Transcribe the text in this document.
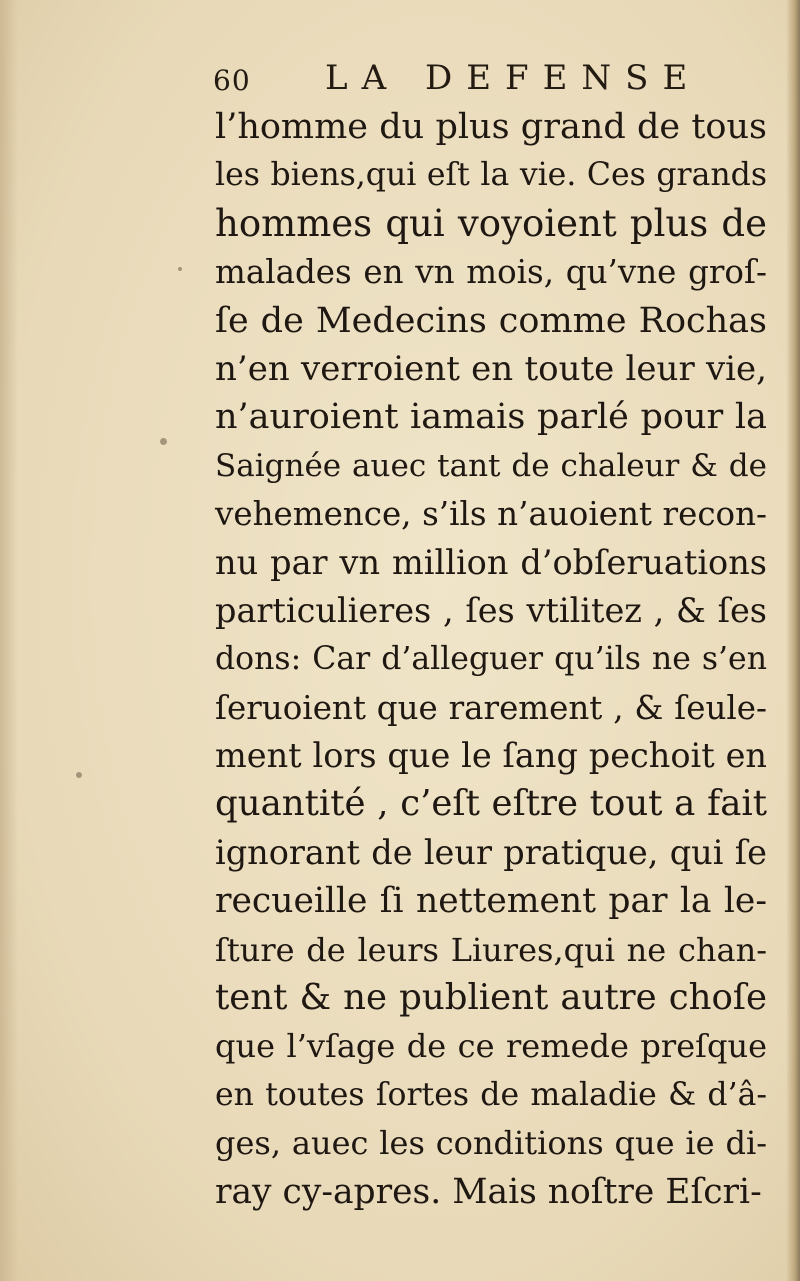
60 LA DEFENSE
l’homme du plus grand de tous
les biens,qui eſt la vie. Ces grands
hommes qui voyoient plus de
malades en vn mois, qu’vne groſ-
ſe de Medecins comme Rochas
n’en verroient en toute leur vie,
n’auroient iamais parlé pour la
Saignée auec tant de chaleur & de
vehemence, s’ils n’auoient recon-
nu par vn million d’obſeruations
particulieres , ſes vtilitez , & ſes
dons: Car d’alleguer qu’ils ne s’en
ſeruoient que rarement , & ſeule-
ment lors que le ſang pechoit en
quantité , c’eſt eſtre tout a fait
ignorant de leur pratique, qui ſe
recueille ſi nettement par la le-
ſture de leurs Liures,qui ne chan-
tent & ne publient autre choſe
que l’vſage de ce remede preſque
en toutes ſortes de maladie & d’â-
ges, auec les conditions que ie di-
ray cy-apres. Mais noſtre Eſcri-
